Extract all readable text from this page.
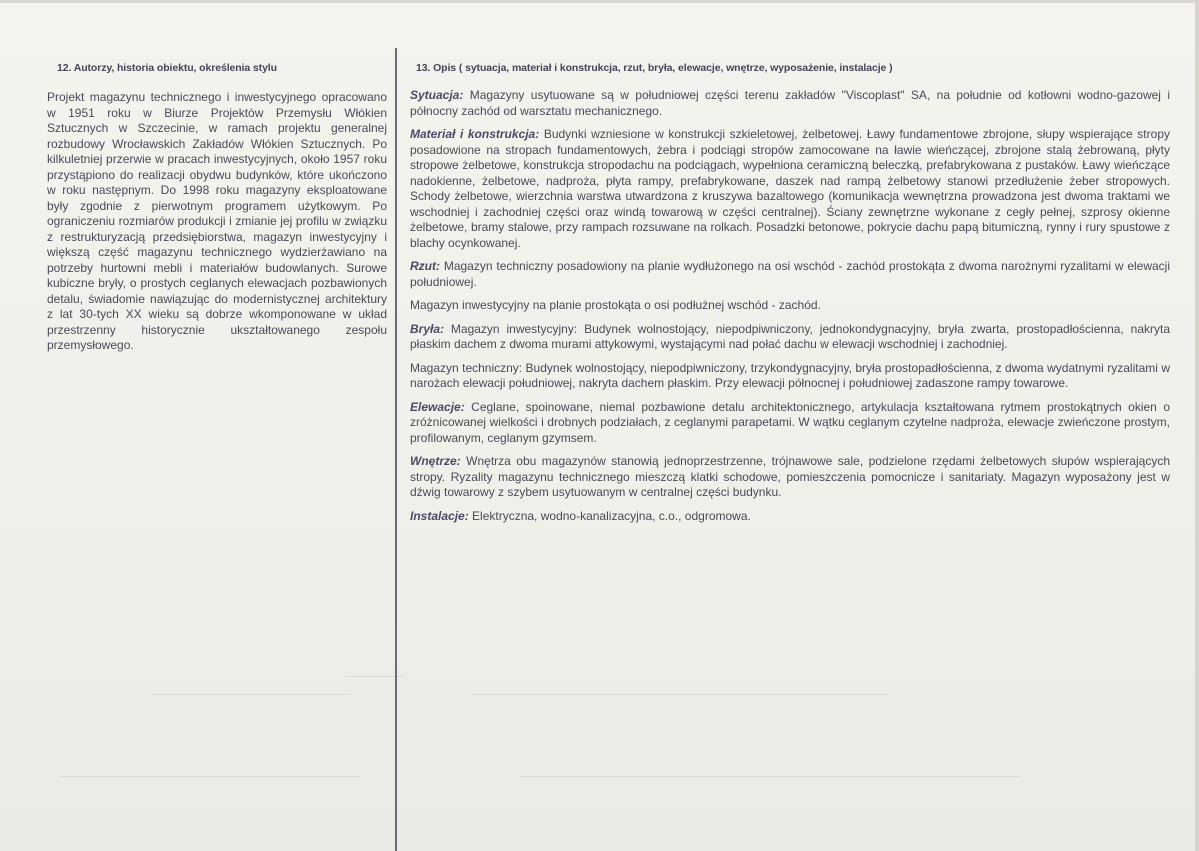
12. Autorzy, historia obiektu, określenia stylu

Projekt magazynu technicznego i inwestycyjnego opracowano w 1951 roku w Biurze Projektów Przemysłu Włókien Sztucznych w Szczecinie, w ramach projektu generalnej rozbudowy Wrocławskich Zakładów Włókien Sztucznych. Po kilkuletniej przerwie w pracach inwestycyjnych, około 1957 roku przystąpiono do realizacji obydwu budynków, które ukończono w roku następnym. Do 1998 roku magazyny eksploatowane były zgodnie z pierwotnym programem użytkowym. Po ograniczeniu rozmiarów produkcji i zmianie jej profilu w związku z restrukturyzacją przedsiębiorstwa, magazyn inwestycyjny i większą część magazynu technicznego wydzierżawiano na potrzeby hurtowni mebli i materiałów budowlanych. Surowe kubiczne bryły, o prostych ceglanych elewacjach pozbawionych detalu, świadomie nawiązując do modernistycznej architektury z lat 30-tych XX wieku są dobrze wkomponowane w układ przestrzenny historycznie ukształtowanego zespołu przemysłowego.

13. Opis ( sytuacja, materiał i konstrukcja, rzut, bryła, elewacje, wnętrze, wyposażenie, instalacje )

Sytuacja: Magazyny usytuowane są w południowej części terenu zakładów "Viscoplast" SA, na południe od kotłowni wodno-gazowej i północny zachód od warsztatu mechanicznego.

Materiał i konstrukcja: Budynki wzniesione w konstrukcji szkieletowej, żelbetowej. Ławy fundamentowe zbrojone, słupy wspierające stropy posadowione na stropach fundamentowych, żebra i podciągi stropów zamocowane na ławie wieńczącej, zbrojone stalą żebrowaną, płyty stropowe żelbetowe, konstrukcja stropodachu na podciągach, wypełniona ceramiczną beleczką, prefabrykowana z pustaków. Ławy wieńczące nadokienne, żelbetowe, nadproża, płyta rampy, prefabrykowane, daszek nad rampą żelbetowy stanowi przedłużenie żeber stropowych. Schody żelbetowe, wierzchnia warstwa utwardzona z kruszywa bazaltowego (komunikacja wewnętrzna prowadzona jest dwoma traktami we wschodniej i zachodniej części oraz windą towarową w części centralnej). Ściany zewnętrzne wykonane z cegły pełnej, szprosy okienne żelbetowe, bramy stalowe, przy rampach rozsuwane na rolkach. Posadzki betonowe, pokrycie dachu papą bitumiczną, rynny i rury spustowe z blachy ocynkowanej.

Rzut: Magazyn techniczny posadowiony na planie wydłużonego na osi wschód - zachód prostokąta z dwoma narożnymi ryzalitami w elewacji południowej.

Magazyn inwestycyjny na planie prostokąta o osi podłużnej wschód - zachód.

Bryła: Magazyn inwestycyjny: Budynek wolnostojący, niepodpiwniczony, jednokondygnacyjny, bryła zwarta, prostopadłościenna, nakryta płaskim dachem z dwoma murami attykowymi, wystającymi nad połać dachu w elewacji wschodniej i zachodniej.

Magazyn techniczny: Budynek wolnostojący, niepodpiwniczony, trzykondygnacyjny, bryła prostopadłościenna, z dwoma wydatnymi ryzalitami w narożach elewacji południowej, nakryta dachem płaskim. Przy elewacji północnej i południowej zadaszone rampy towarowe.

Elewacje: Ceglane, spoinowane, niemal pozbawione detalu architektonicznego, artykulacja kształtowana rytmem prostokątnych okien o zróżnicowanej wielkości i drobnych podziałach, z ceglanymi parapetami. W wątku ceglanym czytelne nadproża, elewacje zwieńczone prostym, profilowanym, ceglanym gzymsem.

Wnętrze: Wnętrza obu magazynów stanowią jednoprzestrzenne, trójnawowe sale, podzielone rzędami żelbetowych słupów wspierających stropy. Ryzality magazynu technicznego mieszczą klatki schodowe, pomieszczenia pomocnicze i sanitariaty. Magazyn wyposażony jest w dźwig towarowy z szybem usytuowanym w centralnej części budynku.

Instalacje: Elektryczna, wodno-kanalizacyjna, c.o., odgromowa.
